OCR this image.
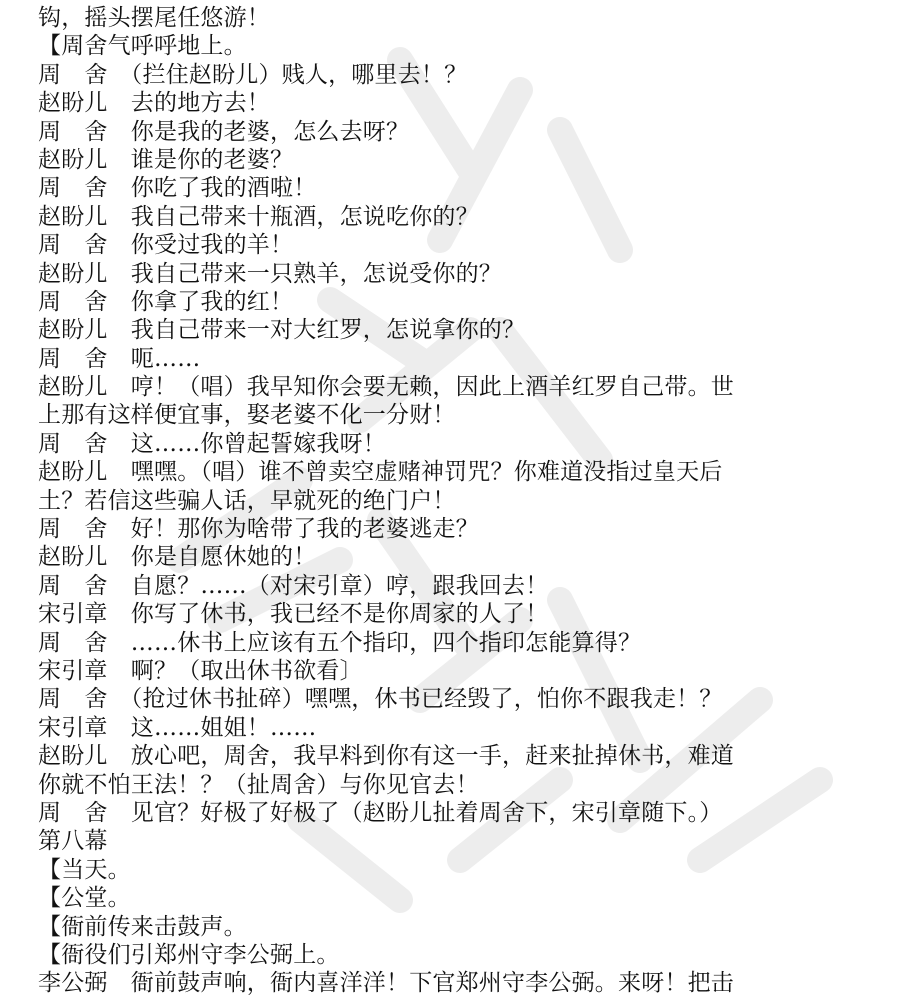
钩，摇头摆尾任悠游！
【周舍气呼呼地上。
周　舍　（拦住赵盼儿）贱人，哪里去！？
赵盼儿　去的地方去！
周　舍　你是我的老婆，怎么去呀？
赵盼儿　谁是你的老婆？
周　舍　你吃了我的酒啦！
赵盼儿　我自己带来十瓶酒，怎说吃你的？
周　舍　你受过我的羊！
赵盼儿　我自己带来一只熟羊，怎说受你的？
周　舍　你拿了我的红！
赵盼儿　我自己带来一对大红罗，怎说拿你的？
周　舍　呃……
赵盼儿　哼！（唱）我早知你会要无赖，因此上酒羊红罗自己带。世
上那有这样便宜事，娶老婆不化一分财！
周　舍　这……你曾起誓嫁我呀！
赵盼儿　嘿嘿。（唱）谁不曾卖空虚赌神罚咒？你难道没指过皇天后
土？若信这些骗人话，早就死的绝门户！
周　舍　好！那你为啥带了我的老婆逃走？
赵盼儿　你是自愿休她的！
周　舍　自愿？……（对宋引章）哼，跟我回去！
宋引章　你写了休书，我已经不是你周家的人了！
周　舍　……休书上应该有五个指印，四个指印怎能算得？
宋引章　啊？（取出休书欲看〕
周　舍　（抢过休书扯碎）嘿嘿，休书已经毁了，怕你不跟我走！？
宋引章　这……姐姐！……
赵盼儿　放心吧，周舍，我早料到你有这一手，赶来扯掉休书，难道
你就不怕王法！？（扯周舍）与你见官去！
周　舍　见官？好极了好极了（赵盼儿扯着周舍下，宋引章随下。）
第八幕
【当天。
【公堂。
【衙前传来击鼓声。
【衙役们引郑州守李公弼上。
李公弼　衙前鼓声响，衙内喜洋洋！下官郑州守李公弼。来呀！把击
